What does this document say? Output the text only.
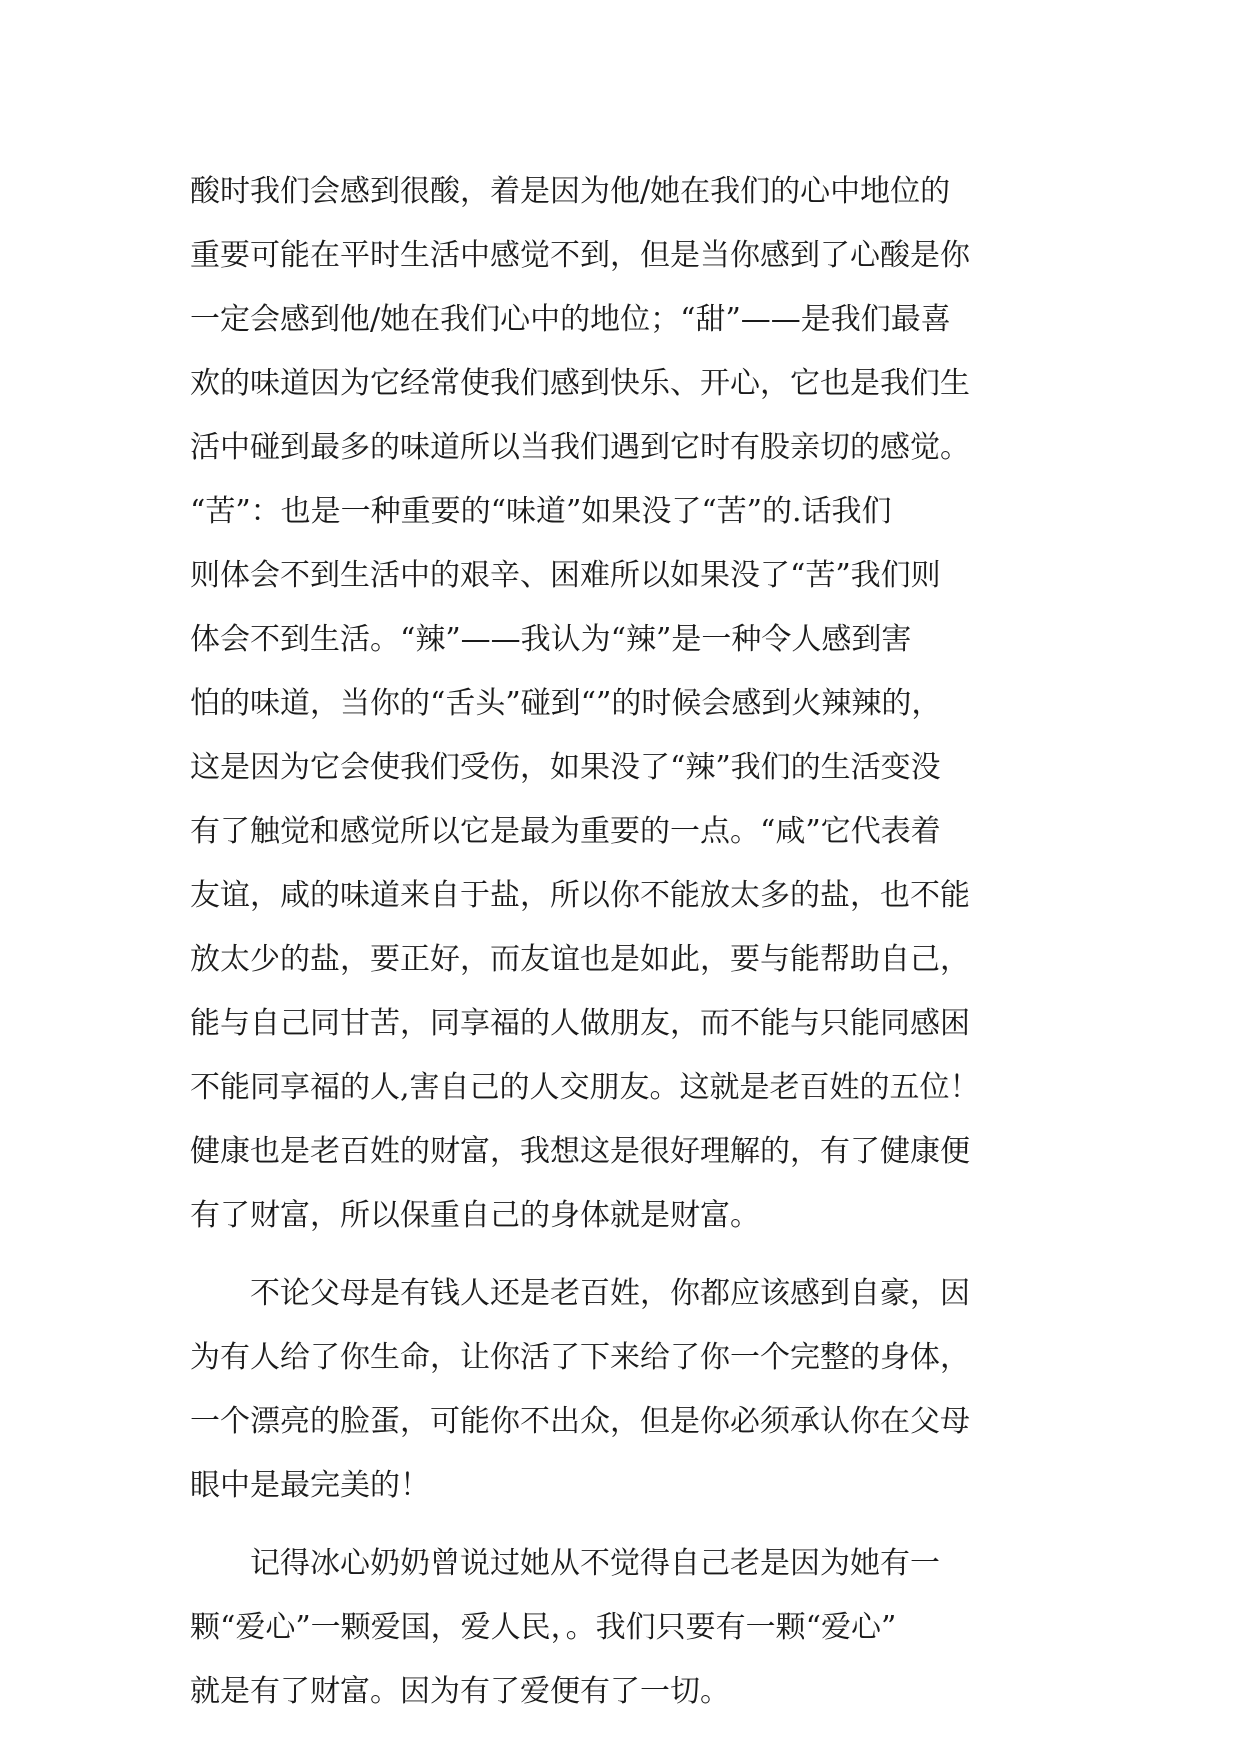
酸时我们会感到很酸，着是因为他/她在我们的心中地位的
重要可能在平时生活中感觉不到，但是当你感到了心酸是你
一定会感到他/她在我们心中的地位；“甜”——是我们最喜
欢的味道因为它经常使我们感到快乐、开心，它也是我们生
活中碰到最多的味道所以当我们遇到它时有股亲切的感觉。
“苦”：也是一种重要的“味道”如果没了“苦”的.话我们
则体会不到生活中的艰辛、困难所以如果没了“苦”我们则
体会不到生活。“辣”——我认为“辣”是一种令人感到害
怕的味道，当你的“舌头”碰到“”的时候会感到火辣辣的，
这是因为它会使我们受伤，如果没了“辣”我们的生活变没
有了触觉和感觉所以它是最为重要的一点。“咸”它代表着
友谊，咸的味道来自于盐，所以你不能放太多的盐，也不能
放太少的盐，要正好，而友谊也是如此，要与能帮助自己，
能与自己同甘苦，同享福的人做朋友，而不能与只能同感困
不能同享福的人,害自己的人交朋友。这就是老百姓的五位！
健康也是老百姓的财富，我想这是很好理解的，有了健康便
有了财富，所以保重自己的身体就是财富。
　　不论父母是有钱人还是老百姓，你都应该感到自豪，因
为有人给了你生命，让你活了下来给了你一个完整的身体，
一个漂亮的脸蛋，可能你不出众，但是你必须承认你在父母
眼中是最完美的！
　　记得冰心奶奶曾说过她从不觉得自己老是因为她有一
颗“爱心”一颗爱国，爱人民，。我们只要有一颗“爱心”
就是有了财富。因为有了爱便有了一切。
